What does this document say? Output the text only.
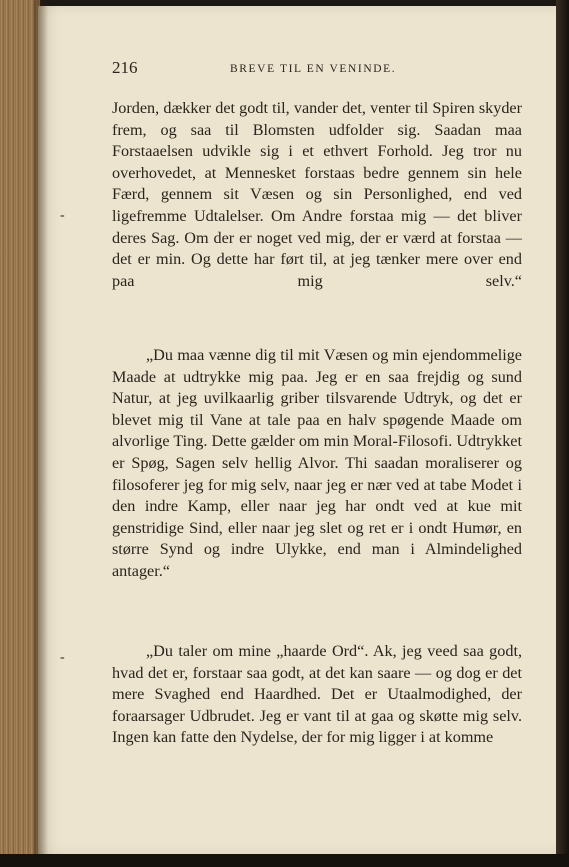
216	BREVE TIL EN VENINDE.
Jorden, dækker det godt til, vander det, venter til Spiren skyder frem, og saa til Blomsten udfolder sig. Saadan maa Forstaaelsen udvikle sig i et ethvert Forhold. Jeg tror nu overhovedet, at Mennesket forstaas bedre gennem sin hele Færd, gennem sit Væsen og sin Personlighed, end ved ligefremme Udtalelser. Om Andre forstaa mig — det bliver deres Sag. Om der er noget ved mig, der er værd at forstaa — det er min. Og dette har ført til, at jeg tænker mere over end paa mig selv.“
„Du maa vænne dig til mit Væsen og min ejendommelige Maade at udtrykke mig paa. Jeg er en saa frejdig og sund Natur, at jeg uvilkaarlig griber tilsvarende Udtryk, og det er blevet mig til Vane at tale paa en halv spøgende Maade om alvorlige Ting. Dette gælder om min Moral-Filosofi. Udtrykket er Spøg, Sagen selv hellig Alvor. Thi saadan moraliserer og filosoferer jeg for mig selv, naar jeg er nær ved at tabe Modet i den indre Kamp, eller naar jeg har ondt ved at kue mit genstridige Sind, eller naar jeg slet og ret er i ondt Humør, en større Synd og indre Ulykke, end man i Almindelighed antager.“
„Du taler om mine „haarde Ord“. Ak, jeg veed saa godt, hvad det er, forstaar saa godt, at det kan saare — og dog er det mere Svaghed end Haardhed. Det er Utaalmodighed, der foraarsager Udbrudet. Jeg er vant til at gaa og skøtte mig selv. Ingen kan fatte den Nydelse, der for mig ligger i at komme
-
-
